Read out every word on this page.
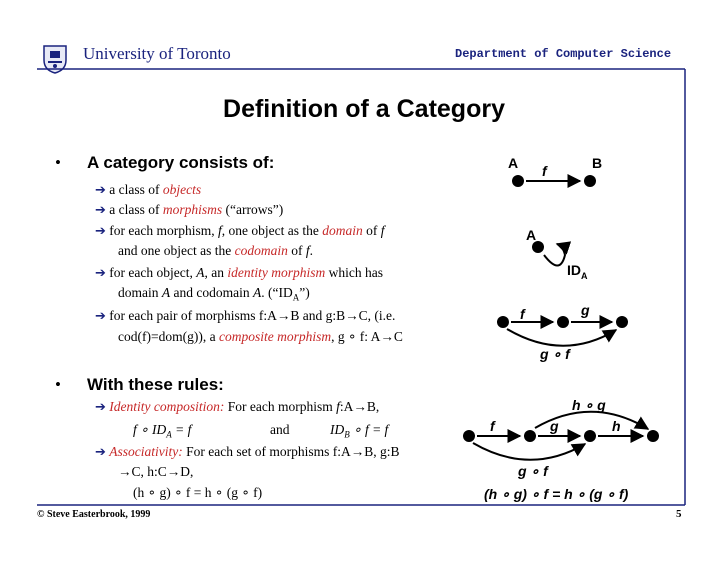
University of Toronto	Department of Computer Science
Definition of a Category
• A category consists of:
➔ a class of objects
➔ a class of morphisms (“arrows”)
➔ for each morphism, f, one object as the domain of f
and one object as the codomain of f.
➔ for each object, A, an identity morphism which has
domain A and codomain A. $(“ID_A”)$
➔ for each pair of morphisms f:A→B and g:B→C, (i.e.
cod(f)=dom(g)), a composite morphism, g ∘ f: A→C
• With these rules:
➔ Identity composition: For each morphism f:A→B,
f ∘ $ID_A = f$	and	$ID_B$ ∘ f = f
➔ Associativity: For each set of morphisms f:A→B, g:B
→C, h:C→D,
(h ∘ g) ∘ f = h ∘ (g ∘ f)
A f	B
A
$ID_A$
f	g
g ∘ f
h ∘ g
f	g	h
g ∘ f
(h ∘ g) ∘ f = h ∘ (g ∘ f)
© Steve Easterbrook, 1999	5
